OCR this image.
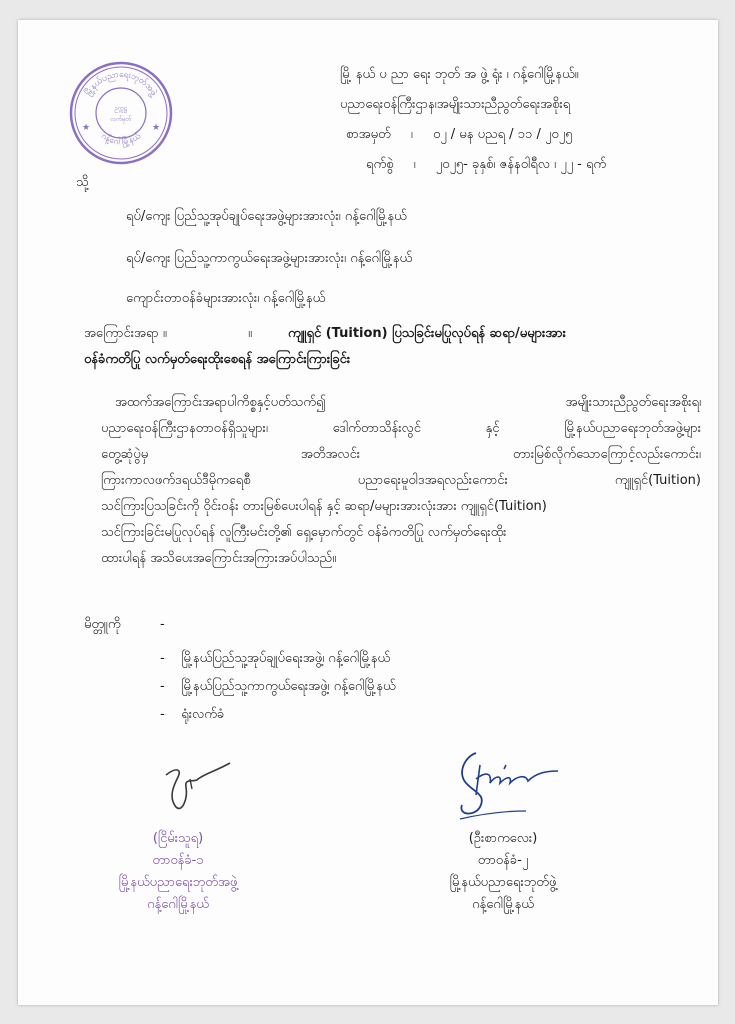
မြို့နယ်ပညာရေးဘုတ်အဖွဲ့
ဂန့်ဂေါ မြို့နယ်
ဥက္ကဋ္ဌ
လက်မှတ်
★	★
မြို့ နယ် ပ ညာ ရေး ဘုတ် အ ဖွဲ့ ရုံး ၊ ဂန့်ဂေါမြို့နယ်။
ပညာရေးဝန်ကြီးဌာန၊အမျိုးသားညီညွတ်ရေးအစိုးရ
စာအမှတ် ၊ ၀၂ / မန ပညရ / ၁၁ / ၂၀၂၅
ရက်စွဲ ၊ ၂၀၂၅- ခုနှစ်၊ ဇန်နဝါရီလ ၊ ၂၂ - ရက်
သို့
ရပ်/ကျေး ပြည်သူ့အုပ်ချုပ်ရေးအဖွဲ့များအားလုံး၊ ဂန့်ဂေါမြို့နယ်
ရပ်/ကျေး ပြည်သူ့ကာကွယ်ရေးအဖွဲ့များအားလုံး၊ ဂန့်ဂေါမြို့နယ်
ကျောင်းတာဝန်ခံများအားလုံး၊ ဂန့်ဂေါမြို့နယ်
အကြောင်းအရာ ။	။	ကျူရှင် (Tuition) ပြသခြင်းမပြုလုပ်ရန် ဆရာ/မများအား
ဝန်ခံကတိပြု လက်မှတ်ရေးထိုးစေရန် အကြောင်းကြားခြင်း
အထက်အကြောင်းအရာပါကိစ္စနှင့်ပတ်သက်၍	အမျိုးသားညီညွတ်ရေးအစိုးရ၊
ပညာရေးဝန်ကြီးဌာနတာဝန်ရှိသူများ၊	ဒေါက်တာသိန်းလွင်	နှင့်	မြို့နယ်ပညာရေးဘုတ်အဖွဲ့များ
တွေ့ဆုံပွဲမှ	အတိအလင်း	တားမြစ်လိုက်သောကြောင့်လည်းကောင်း၊
ကြားကာလဖက်ဒရယ်ဒီမိုကရေစီ	ပညာရေးမူဝါဒအရလည်းကောင်း	ကျူရှင်(Tuition)
သင်ကြားပြသခြင်းကို ဝိုင်းဝန်း တားမြစ်ပေးပါရန် နှင့် ဆရာ/မများအားလုံးအား ကျူရှင်(Tuition)
သင်ကြားခြင်းမပြုလုပ်ရန် လူကြီးမင်းတို့၏ ရှေ့မှောက်တွင် ဝန်ခံကတိပြု လက်မှတ်ရေးထိုး
ထားပါရန် အသိပေးအကြောင်းအကြားအပ်ပါသည်။
မိတ္တူကို	-
- မြို့နယ်ပြည်သူ့အုပ်ချုပ်ရေးအဖွဲ့၊ ဂန့်ဂေါမြို့နယ်
- မြို့နယ်ပြည်သူ့ကာကွယ်ရေးအဖွဲ့၊ ဂန့်ဂေါမြို့နယ်
- ရုံးလက်ခံ
(ငြိမ်းသူရ)
တာဝန်ခံ-၁
မြို့နယ်ပညာရေးဘုတ်အဖွဲ့
ဂန့်ဂေါမြို့နယ်
(ဦးစာကလေး)
တာဝန်ခံ-၂
မြို့နယ်ပညာရေးဘုတ်ဖွဲ့
ဂန့်ဂေါမြို့နယ်
